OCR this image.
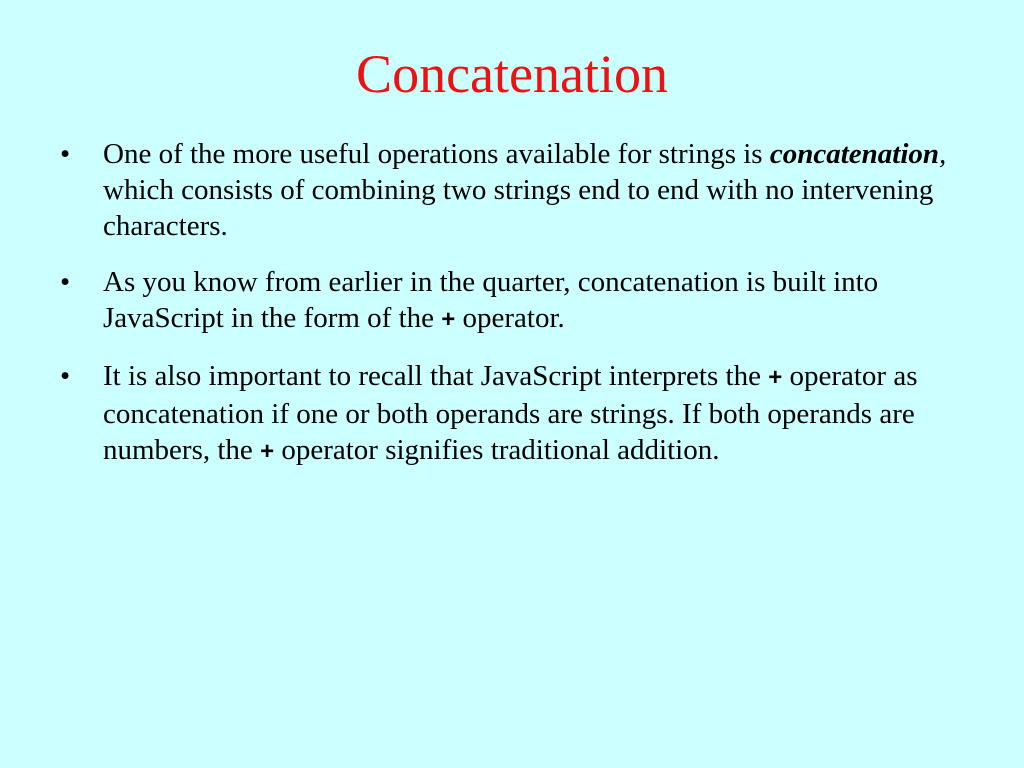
Concatenation
• One of the more useful operations available for strings is concatenation, which consists of combining two strings end to end with no intervening characters.
• As you know from earlier in the quarter, concatenation is built into JavaScript in the form of the + operator.
• It is also important to recall that JavaScript interprets the + operator as concatenation if one or both operands are strings. If both operands are numbers, the + operator signifies traditional addition.
